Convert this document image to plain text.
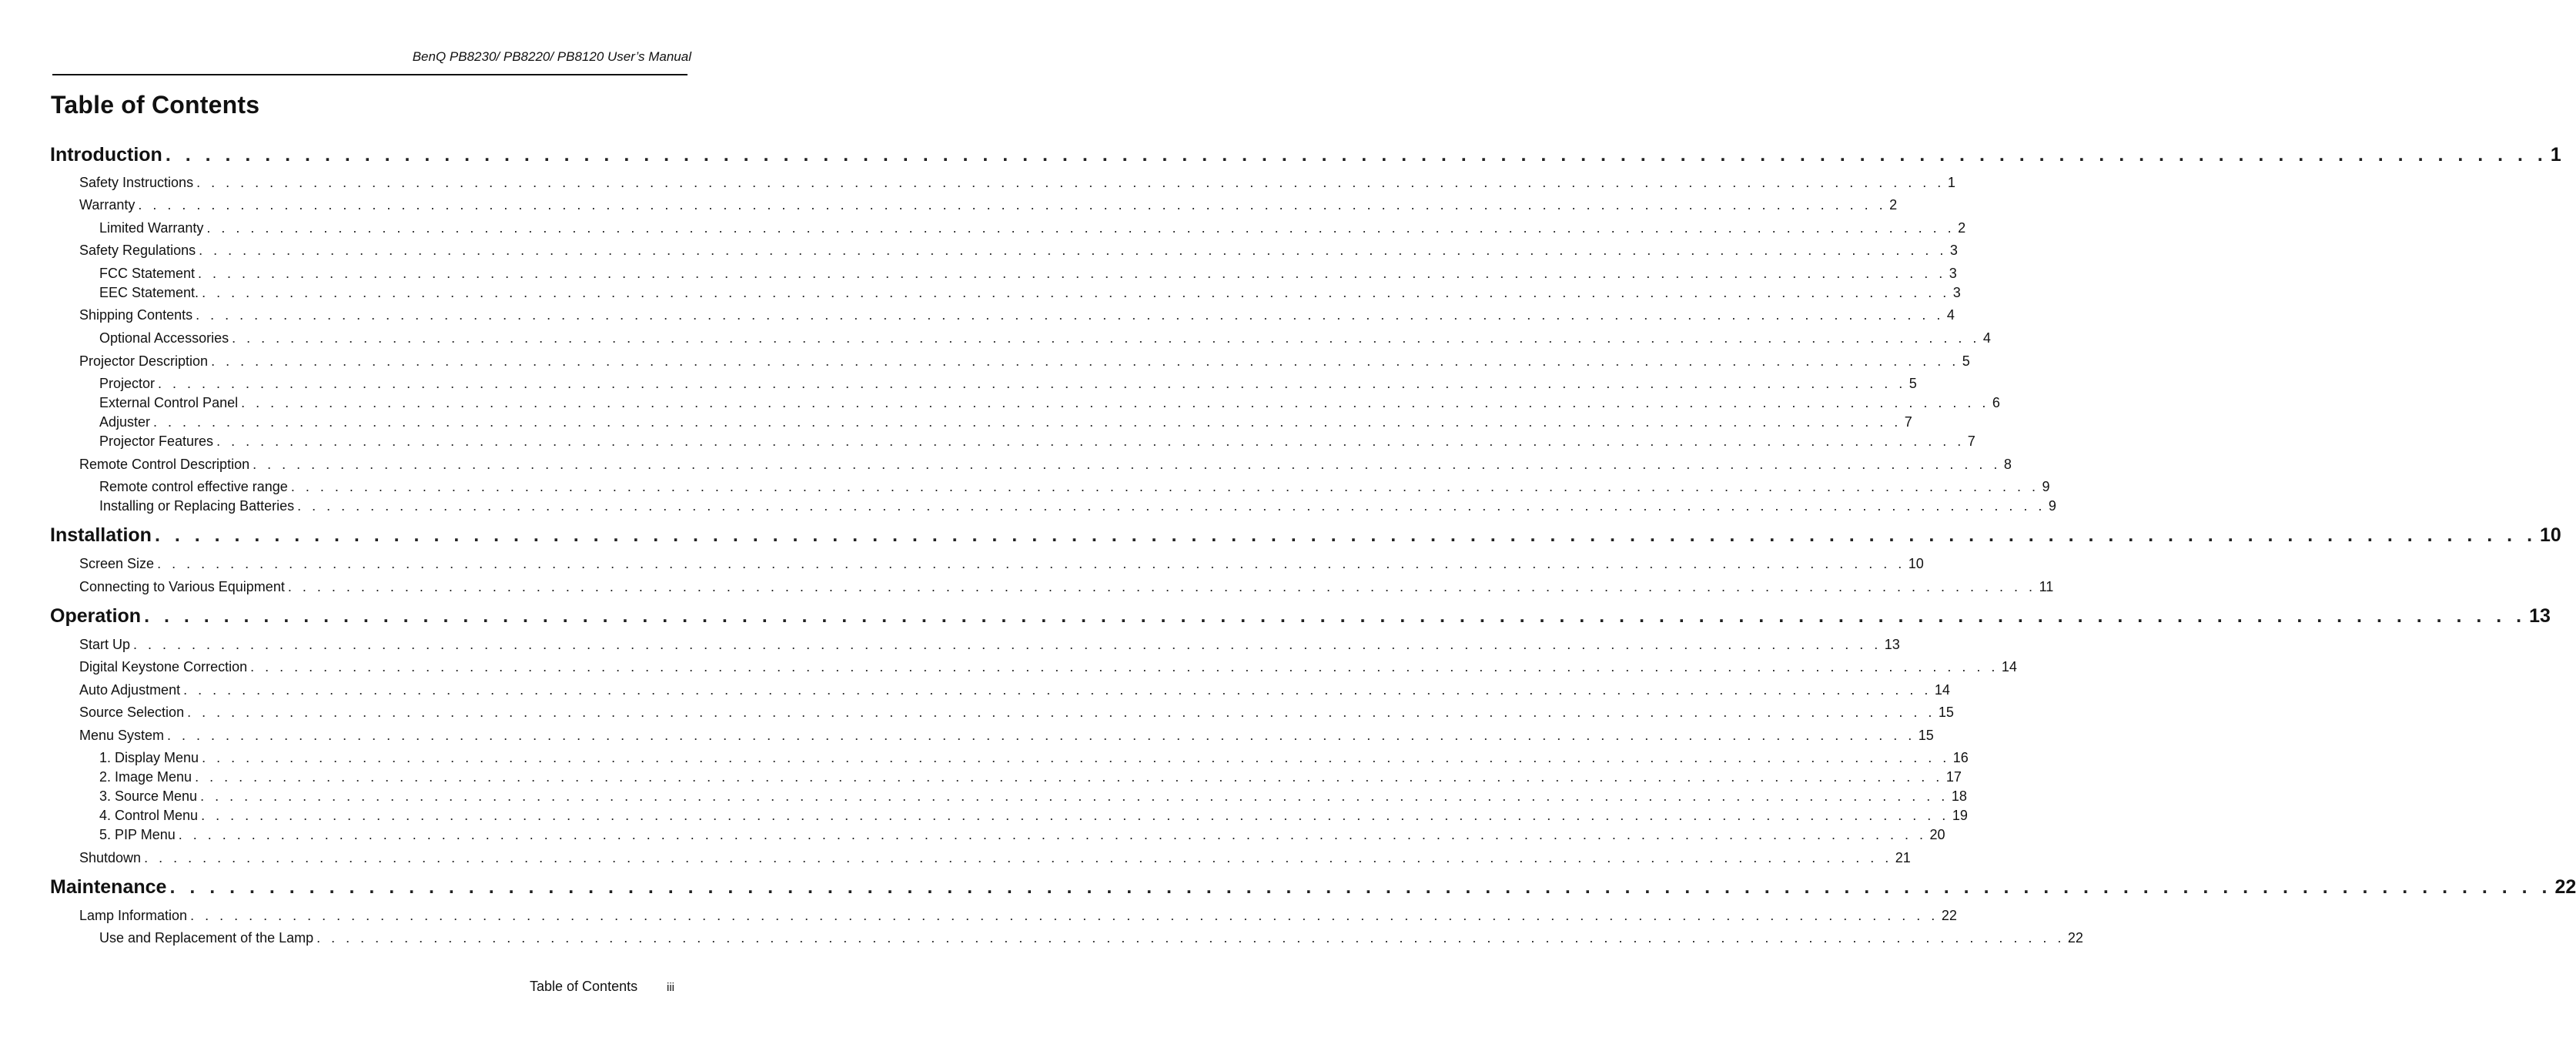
BenQ PB8230/ PB8220/ PB8120 User’s Manual
Table of Contents
Introduction . . . . . . . . . . . . . . . . . . . . . . . . . . . . . . . . . . . . . . . . . . . . . . . . . . . . . . . . . . . . . . . . . . . . . . . . . . . . . . . . . . . . . . . . . . . . . . . . . . . . . . . . . . . . . . . . . . . . . . . . 1
Safety Instructions . . . . . . . . . . . . . . . . . . . . . . . . . . . . . . . . . . . . . . . . . . . . . . . . . . . . . . . . . . . . . . . . . . . . . . . . . . . . . . . . . . . . . . . . . . . . . . . . . . . . . . . . . . . . . . . . . . . . . . . . 1
Warranty . . . . . . . . . . . . . . . . . . . . . . . . . . . . . . . . . . . . . . . . . . . . . . . . . . . . . . . . . . . . . . . . . . . . . . . . . . . . . . . . . . . . . . . . . . . . . . . . . . . . . . . . . . . . . . . . . . . . . . . . 2
Limited Warranty . . . . . . . . . . . . . . . . . . . . . . . . . . . . . . . . . . . . . . . . . . . . . . . . . . . . . . . . . . . . . . . . . . . . . . . . . . . . . . . . . . . . . . . . . . . . . . . . . . . . . . . . . . . . . . . . . . . . . . . . 2
Safety Regulations . . . . . . . . . . . . . . . . . . . . . . . . . . . . . . . . . . . . . . . . . . . . . . . . . . . . . . . . . . . . . . . . . . . . . . . . . . . . . . . . . . . . . . . . . . . . . . . . . . . . . . . . . . . . . . . . . . . . . . . . 3
FCC Statement . . . . . . . . . . . . . . . . . . . . . . . . . . . . . . . . . . . . . . . . . . . . . . . . . . . . . . . . . . . . . . . . . . . . . . . . . . . . . . . . . . . . . . . . . . . . . . . . . . . . . . . . . . . . . . . . . . . . . . . . 3
EEC Statement. . . . . . . . . . . . . . . . . . . . . . . . . . . . . . . . . . . . . . . . . . . . . . . . . . . . . . . . . . . . . . . . . . . . . . . . . . . . . . . . . . . . . . . . . . . . . . . . . . . . . . . . . . . . . . . . . . . . . . . . . 3
Shipping Contents . . . . . . . . . . . . . . . . . . . . . . . . . . . . . . . . . . . . . . . . . . . . . . . . . . . . . . . . . . . . . . . . . . . . . . . . . . . . . . . . . . . . . . . . . . . . . . . . . . . . . . . . . . . . . . . . . . . . . . . . 4
Optional Accessories . . . . . . . . . . . . . . . . . . . . . . . . . . . . . . . . . . . . . . . . . . . . . . . . . . . . . . . . . . . . . . . . . . . . . . . . . . . . . . . . . . . . . . . . . . . . . . . . . . . . . . . . . . . . . . . . . . . . . . . . 4
Projector Description . . . . . . . . . . . . . . . . . . . . . . . . . . . . . . . . . . . . . . . . . . . . . . . . . . . . . . . . . . . . . . . . . . . . . . . . . . . . . . . . . . . . . . . . . . . . . . . . . . . . . . . . . . . . . . . . . . . . . . . . 5
Projector . . . . . . . . . . . . . . . . . . . . . . . . . . . . . . . . . . . . . . . . . . . . . . . . . . . . . . . . . . . . . . . . . . . . . . . . . . . . . . . . . . . . . . . . . . . . . . . . . . . . . . . . . . . . . . . . . . . . . . . . 5
External Control Panel . . . . . . . . . . . . . . . . . . . . . . . . . . . . . . . . . . . . . . . . . . . . . . . . . . . . . . . . . . . . . . . . . . . . . . . . . . . . . . . . . . . . . . . . . . . . . . . . . . . . . . . . . . . . . . . . . . . . . . . . 6
Adjuster . . . . . . . . . . . . . . . . . . . . . . . . . . . . . . . . . . . . . . . . . . . . . . . . . . . . . . . . . . . . . . . . . . . . . . . . . . . . . . . . . . . . . . . . . . . . . . . . . . . . . . . . . . . . . . . . . . . . . . . . 7
Projector Features . . . . . . . . . . . . . . . . . . . . . . . . . . . . . . . . . . . . . . . . . . . . . . . . . . . . . . . . . . . . . . . . . . . . . . . . . . . . . . . . . . . . . . . . . . . . . . . . . . . . . . . . . . . . . . . . . . . . . . . . 7
Remote Control Description . . . . . . . . . . . . . . . . . . . . . . . . . . . . . . . . . . . . . . . . . . . . . . . . . . . . . . . . . . . . . . . . . . . . . . . . . . . . . . . . . . . . . . . . . . . . . . . . . . . . . . . . . . . . . . . . . . . . . . . . 8
Remote control effective range . . . . . . . . . . . . . . . . . . . . . . . . . . . . . . . . . . . . . . . . . . . . . . . . . . . . . . . . . . . . . . . . . . . . . . . . . . . . . . . . . . . . . . . . . . . . . . . . . . . . . . . . . . . . . . . . . . . . . . . . 9
Installing or Replacing Batteries . . . . . . . . . . . . . . . . . . . . . . . . . . . . . . . . . . . . . . . . . . . . . . . . . . . . . . . . . . . . . . . . . . . . . . . . . . . . . . . . . . . . . . . . . . . . . . . . . . . . . . . . . . . . . . . . . . . . . . . . 9
Installation . . . . . . . . . . . . . . . . . . . . . . . . . . . . . . . . . . . . . . . . . . . . . . . . . . . . . . . . . . . . . . . . . . . . . . . . . . . . . . . . . . . . . . . . . . . . . . . . . . . . . . . . . . . . . . . . . . . . . . . . 10
Screen Size . . . . . . . . . . . . . . . . . . . . . . . . . . . . . . . . . . . . . . . . . . . . . . . . . . . . . . . . . . . . . . . . . . . . . . . . . . . . . . . . . . . . . . . . . . . . . . . . . . . . . . . . . . . . . . . . . . . . . . . . 10
Connecting to Various Equipment . . . . . . . . . . . . . . . . . . . . . . . . . . . . . . . . . . . . . . . . . . . . . . . . . . . . . . . . . . . . . . . . . . . . . . . . . . . . . . . . . . . . . . . . . . . . . . . . . . . . . . . . . . . . . . . . . . . . . . . . 11
Operation . . . . . . . . . . . . . . . . . . . . . . . . . . . . . . . . . . . . . . . . . . . . . . . . . . . . . . . . . . . . . . . . . . . . . . . . . . . . . . . . . . . . . . . . . . . . . . . . . . . . . . . . . . . . . . . . . . . . . . . . 13
Start Up . . . . . . . . . . . . . . . . . . . . . . . . . . . . . . . . . . . . . . . . . . . . . . . . . . . . . . . . . . . . . . . . . . . . . . . . . . . . . . . . . . . . . . . . . . . . . . . . . . . . . . . . . . . . . . . . . . . . . . . . 13
Digital Keystone Correction . . . . . . . . . . . . . . . . . . . . . . . . . . . . . . . . . . . . . . . . . . . . . . . . . . . . . . . . . . . . . . . . . . . . . . . . . . . . . . . . . . . . . . . . . . . . . . . . . . . . . . . . . . . . . . . . . . . . . . . . 14
Auto Adjustment . . . . . . . . . . . . . . . . . . . . . . . . . . . . . . . . . . . . . . . . . . . . . . . . . . . . . . . . . . . . . . . . . . . . . . . . . . . . . . . . . . . . . . . . . . . . . . . . . . . . . . . . . . . . . . . . . . . . . . . . 14
Source Selection . . . . . . . . . . . . . . . . . . . . . . . . . . . . . . . . . . . . . . . . . . . . . . . . . . . . . . . . . . . . . . . . . . . . . . . . . . . . . . . . . . . . . . . . . . . . . . . . . . . . . . . . . . . . . . . . . . . . . . . . 15
Menu System . . . . . . . . . . . . . . . . . . . . . . . . . . . . . . . . . . . . . . . . . . . . . . . . . . . . . . . . . . . . . . . . . . . . . . . . . . . . . . . . . . . . . . . . . . . . . . . . . . . . . . . . . . . . . . . . . . . . . . . . 15
1. Display Menu . . . . . . . . . . . . . . . . . . . . . . . . . . . . . . . . . . . . . . . . . . . . . . . . . . . . . . . . . . . . . . . . . . . . . . . . . . . . . . . . . . . . . . . . . . . . . . . . . . . . . . . . . . . . . . . . . . . . . . . . 16
2. Image Menu . . . . . . . . . . . . . . . . . . . . . . . . . . . . . . . . . . . . . . . . . . . . . . . . . . . . . . . . . . . . . . . . . . . . . . . . . . . . . . . . . . . . . . . . . . . . . . . . . . . . . . . . . . . . . . . . . . . . . . . . 17
3. Source Menu . . . . . . . . . . . . . . . . . . . . . . . . . . . . . . . . . . . . . . . . . . . . . . . . . . . . . . . . . . . . . . . . . . . . . . . . . . . . . . . . . . . . . . . . . . . . . . . . . . . . . . . . . . . . . . . . . . . . . . . . 18
4. Control Menu . . . . . . . . . . . . . . . . . . . . . . . . . . . . . . . . . . . . . . . . . . . . . . . . . . . . . . . . . . . . . . . . . . . . . . . . . . . . . . . . . . . . . . . . . . . . . . . . . . . . . . . . . . . . . . . . . . . . . . . . 19
5. PIP Menu . . . . . . . . . . . . . . . . . . . . . . . . . . . . . . . . . . . . . . . . . . . . . . . . . . . . . . . . . . . . . . . . . . . . . . . . . . . . . . . . . . . . . . . . . . . . . . . . . . . . . . . . . . . . . . . . . . . . . . . . 20
Shutdown . . . . . . . . . . . . . . . . . . . . . . . . . . . . . . . . . . . . . . . . . . . . . . . . . . . . . . . . . . . . . . . . . . . . . . . . . . . . . . . . . . . . . . . . . . . . . . . . . . . . . . . . . . . . . . . . . . . . . . . . 21
Maintenance . . . . . . . . . . . . . . . . . . . . . . . . . . . . . . . . . . . . . . . . . . . . . . . . . . . . . . . . . . . . . . . . . . . . . . . . . . . . . . . . . . . . . . . . . . . . . . . . . . . . . . . . . . . . . . . . . . . . . . . . 22
Lamp Information . . . . . . . . . . . . . . . . . . . . . . . . . . . . . . . . . . . . . . . . . . . . . . . . . . . . . . . . . . . . . . . . . . . . . . . . . . . . . . . . . . . . . . . . . . . . . . . . . . . . . . . . . . . . . . . . . . . . . . . . 22
Use and Replacement of the Lamp . . . . . . . . . . . . . . . . . . . . . . . . . . . . . . . . . . . . . . . . . . . . . . . . . . . . . . . . . . . . . . . . . . . . . . . . . . . . . . . . . . . . . . . . . . . . . . . . . . . . . . . . . . . . . . . . . . . . . . . . 22
Table of Contents	iii
